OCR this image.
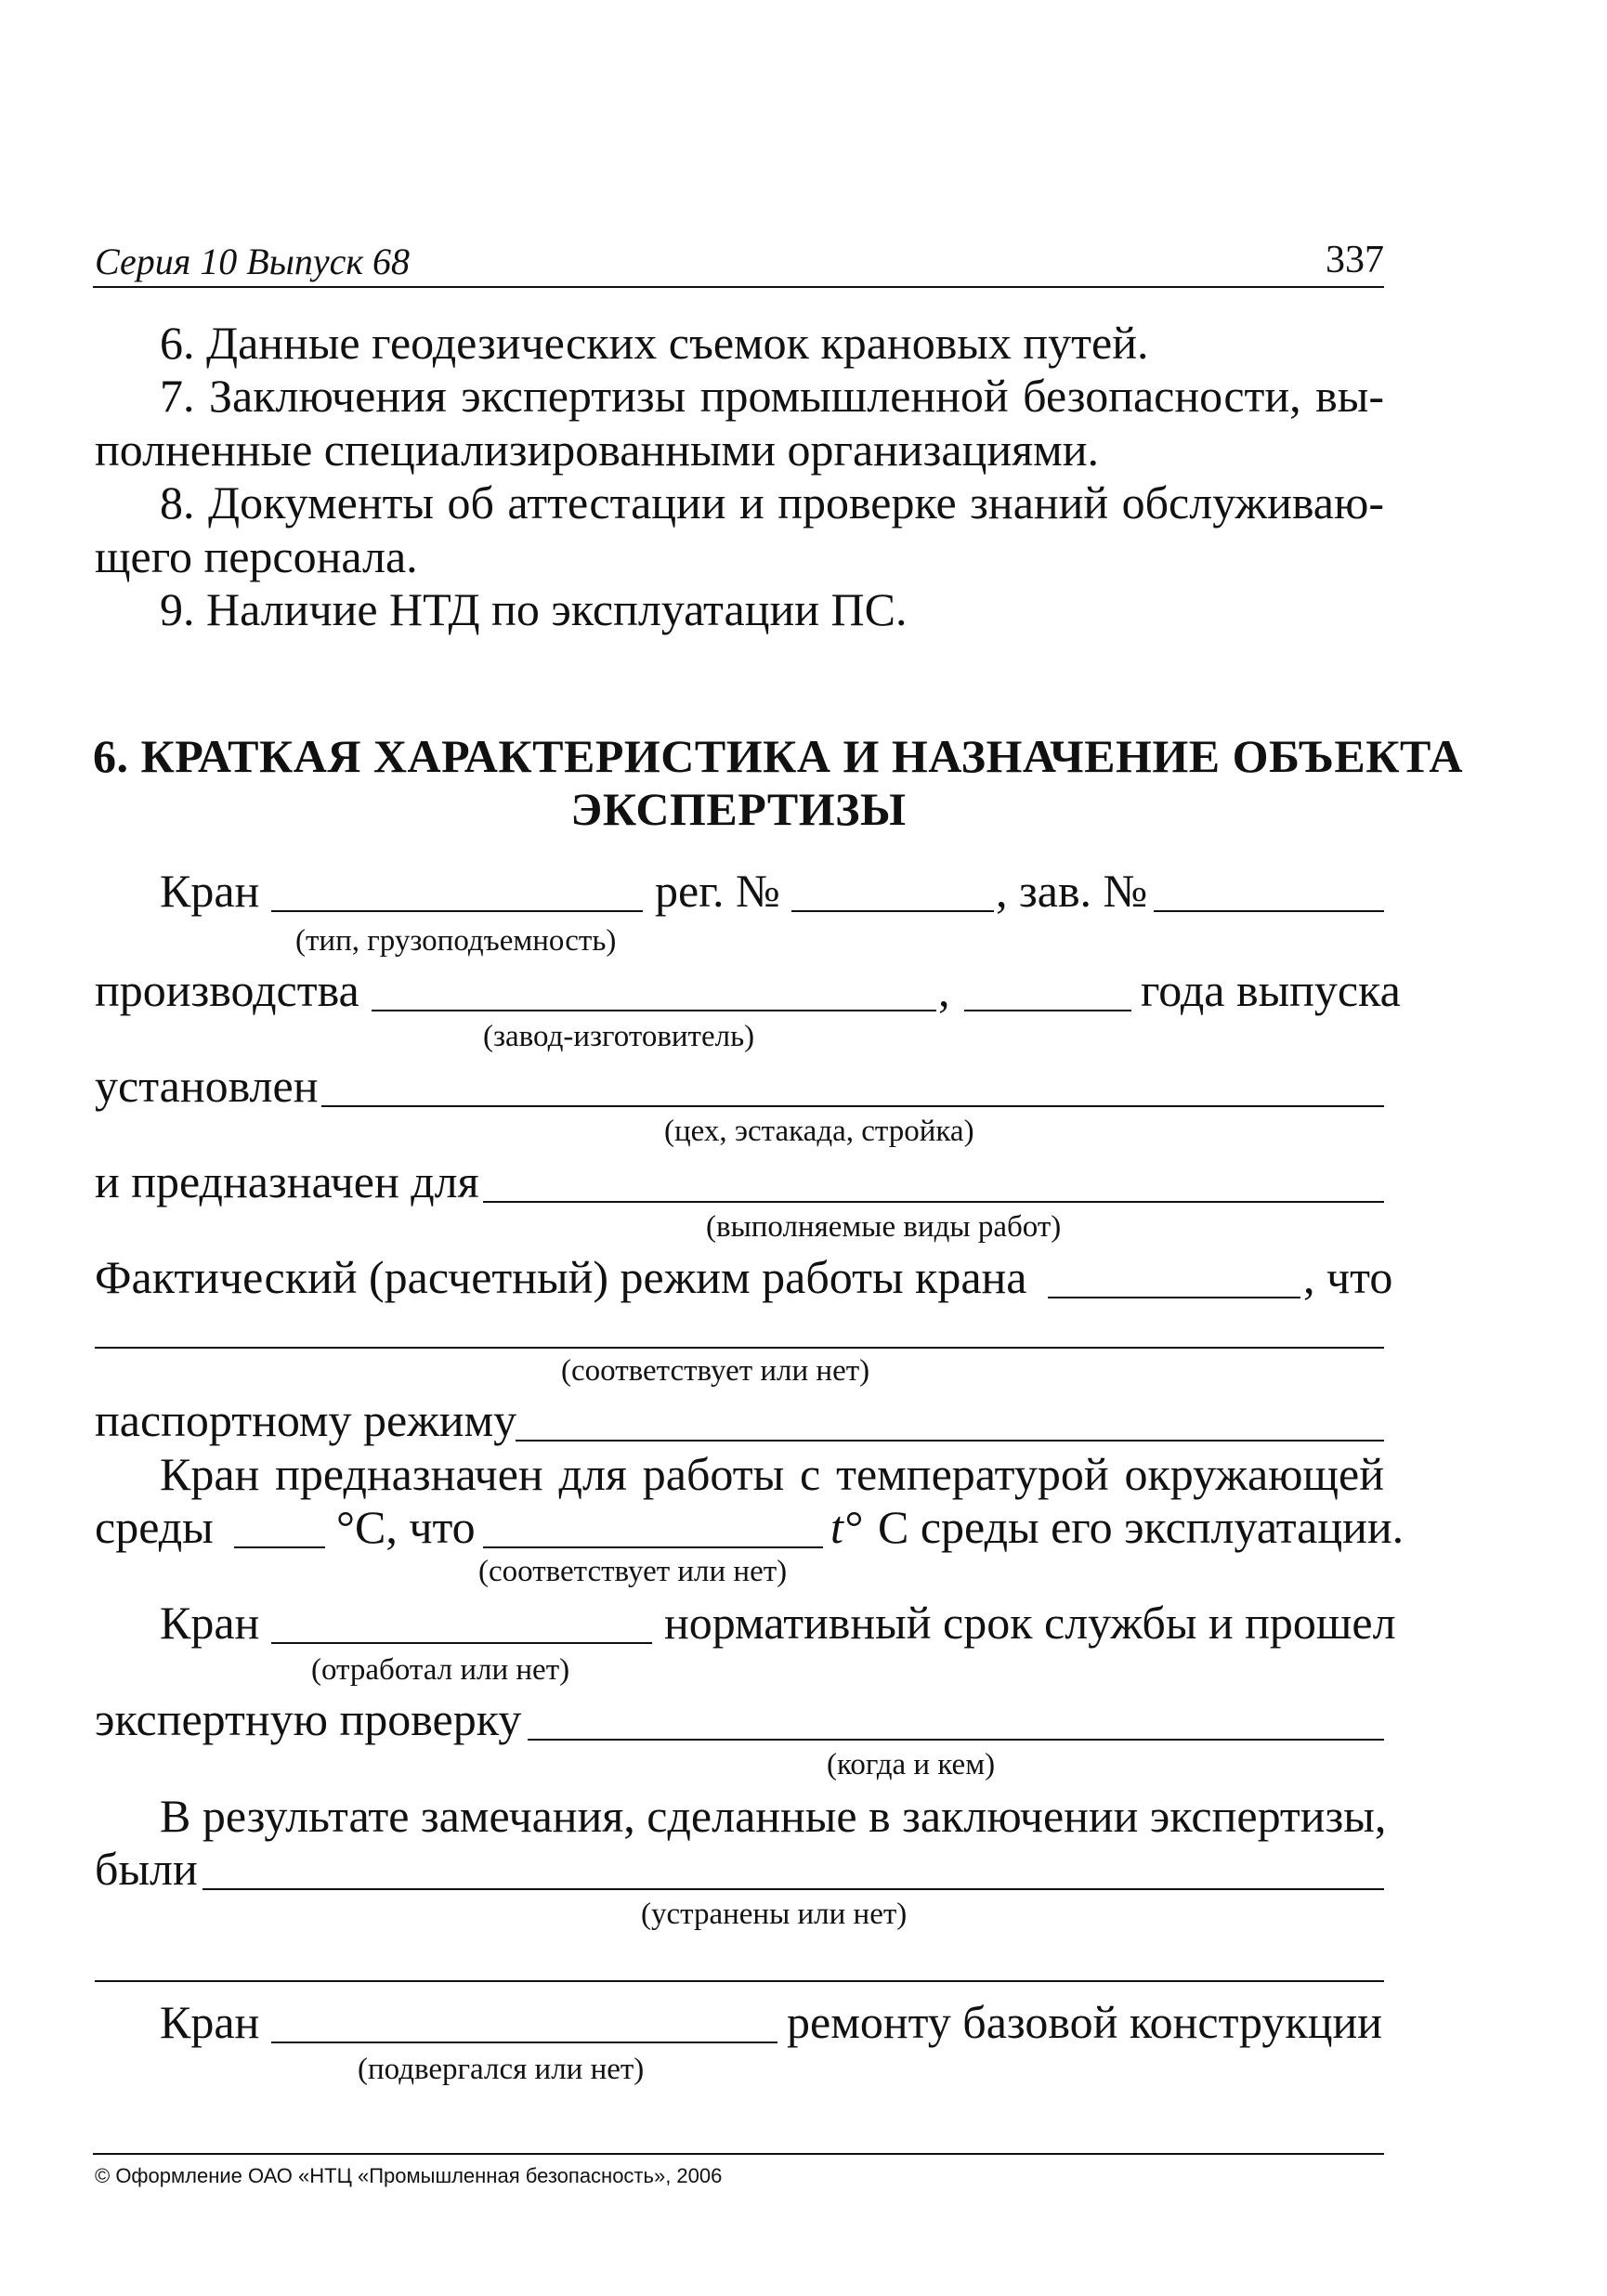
Серия 10 Выпуск 68	337
6. Данные геодезических съемок крановых путей.
7. Заключения экспертизы промышленной безопасности, вы-
полненные специализированными организациями.
8. Документы об аттестации и проверке знаний обслуживаю-
щего персонала.
9. Наличие НТД по эксплуатации ПС.
6. КРАТКАЯ ХАРАКТЕРИСТИКА И НАЗНАЧЕНИЕ ОБЪЕКТА
ЭКСПЕРТИЗЫ
Кран	рег. №	, зав. №
(тип, грузоподъемность)
производства	,	года выпуска
(завод-изготовитель)
установлен
(цех, эстакада, стройка)
и предназначен для
(выполняемые виды работ)
Фактический (расчетный) режим работы крана	, что
(соответствует или нет)
паспортному режиму
Кран предназначен для работы с температурой окружающей
среды	°С, что	t° С среды его эксплуатации.
(соответствует или нет)
Кран	нормативный срок службы и прошел
(отработал или нет)
экспертную проверку
(когда и кем)
В результате замечания, сделанные в заключении экспертизы,
были
(устранены или нет)
Кран	ремонту базовой конструкции
(подвергался или нет)
© Оформление ОАО «НТЦ «Промышленная безопасность», 2006
